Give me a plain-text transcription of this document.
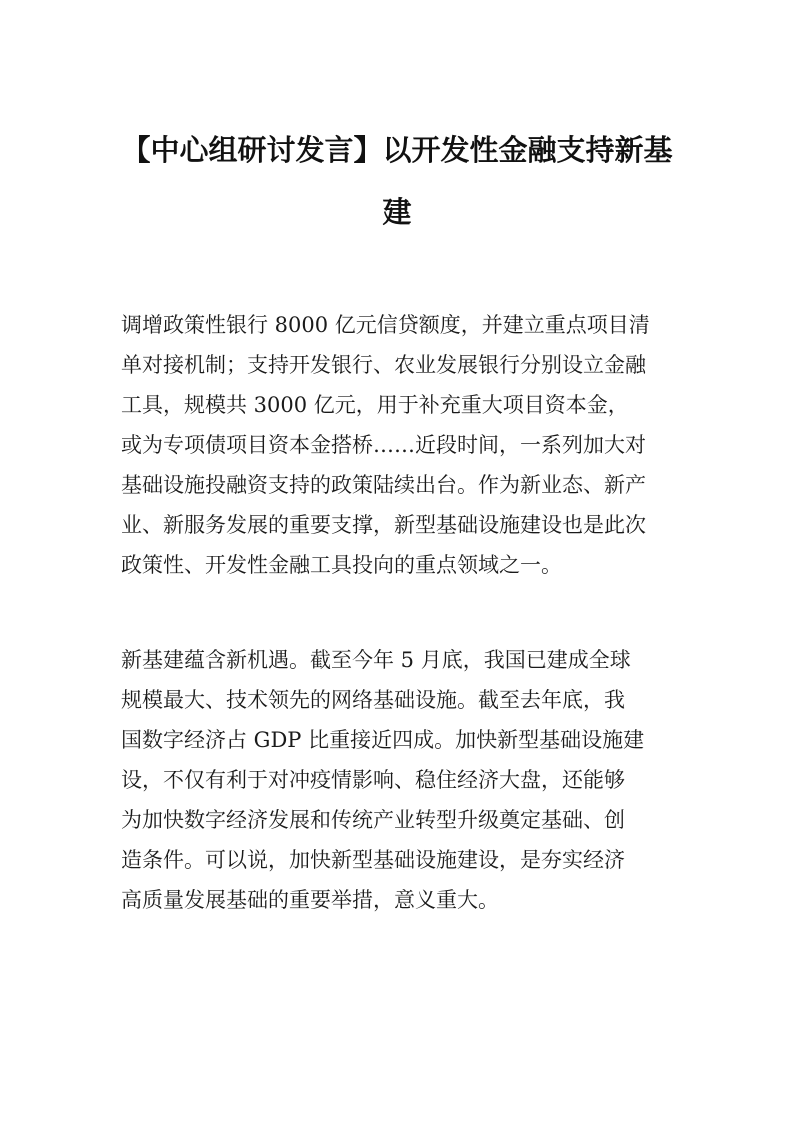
【中心组研讨发言】以开发性金融支持新基
建
调增政策性银行 8000 亿元信贷额度，并建立重点项目清
单对接机制；支持开发银行、农业发展银行分别设立金融
工具，规模共 3000 亿元，用于补充重大项目资本金，
或为专项债项目资本金搭桥……近段时间，一系列加大对
基础设施投融资支持的政策陆续出台。作为新业态、新产
业、新服务发展的重要支撑，新型基础设施建设也是此次
政策性、开发性金融工具投向的重点领域之一。
新基建蕴含新机遇。截至今年 5 月底，我国已建成全球
规模最大、技术领先的网络基础设施。截至去年底，我
国数字经济占 GDP 比重接近四成。加快新型基础设施建
设，不仅有利于对冲疫情影响、稳住经济大盘，还能够
为加快数字经济发展和传统产业转型升级奠定基础、创
造条件。可以说，加快新型基础设施建设，是夯实经济
高质量发展基础的重要举措，意义重大。
